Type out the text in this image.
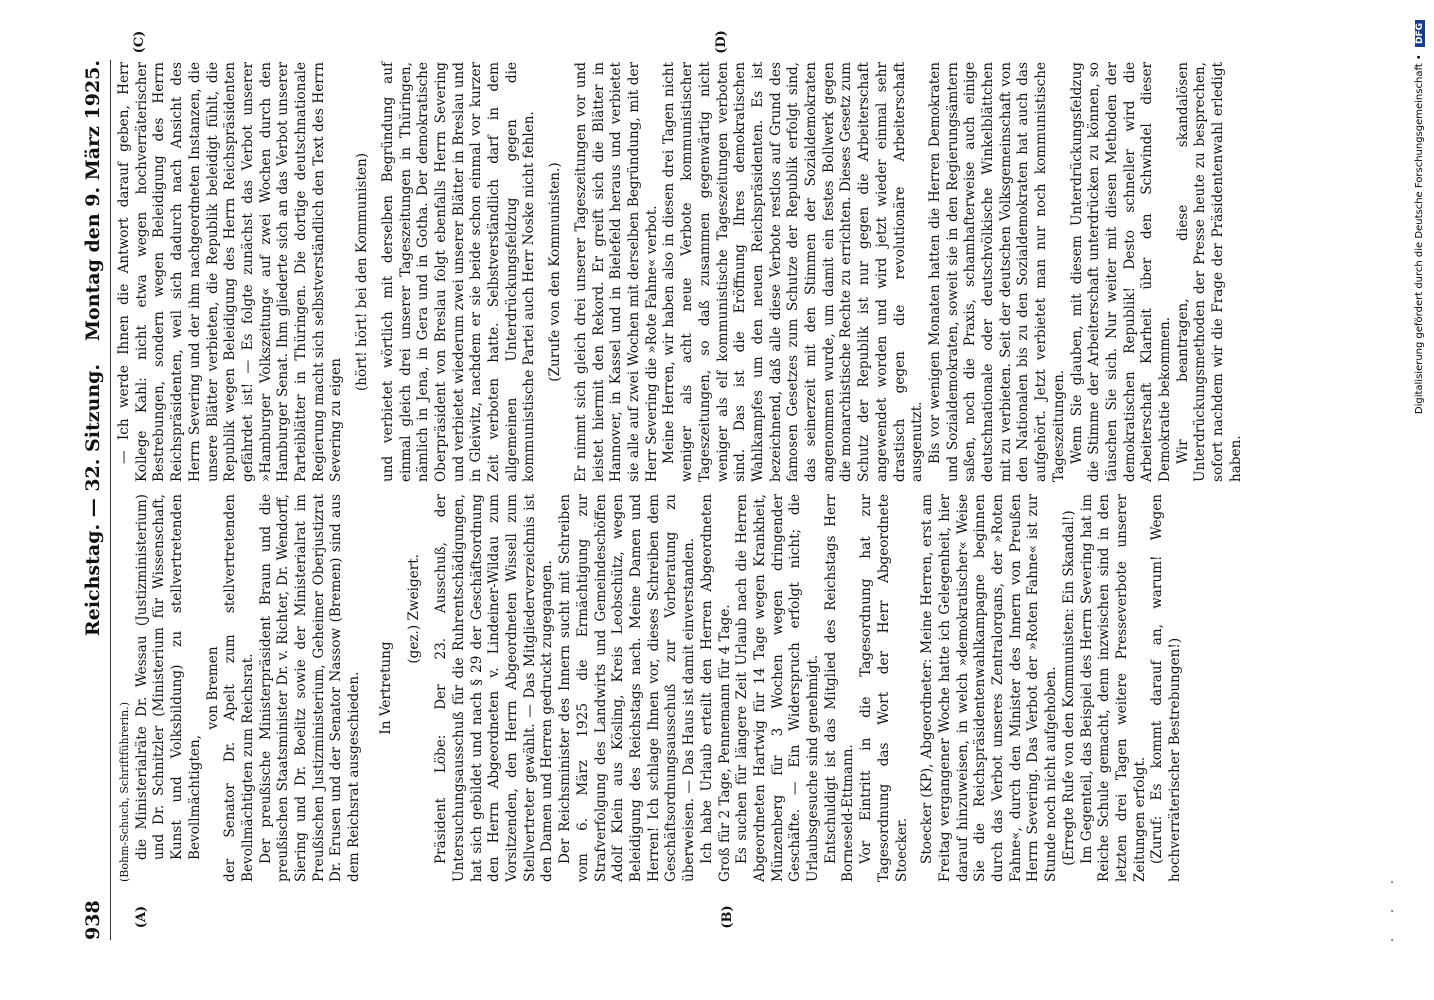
938
Reichstag. — 32. Sitzung.
Montag den 9. März 1925.
(A)	(B)
(C)	(D)

(Bohm-Schuch, Schriftführerin.) die Ministerialräte Dr. Wessau (Justizministerium) und Dr. Schnitzler (Ministerium für Wissenschaft, Kunst und Volksbildung) zu stellvertretenden Bevollmächtigten,

von Bremen der Senator Dr. Apelt zum stellvertretenden Bevollmächtigten zum Reichsrat. Der preußische Ministerpräsident Braun und die preußischen Staatsminister Dr. v. Richter, Dr. Wendorff, Siering und Dr. Boelitz sowie der Ministerialrat im Preußischen Justizministerium, Geheimer Oberjustizrat Dr. Erusen und der Senator Nassow (Bremen) sind aus dem Reichsrat ausgeschieden. In Vertretung

(gez.) Zweigert. Präsident Löbe: Der 23. Ausschuß, der Untersuchungsausschuß für die Ruhrentschädigungen, hat sich gebildet und nach § 29 der Geschäftsordnung den Herrn Abgeordneten v. Lindeiner-Wildau zum Vorsitzenden, den Herrn Abgeordneten Wissell zum Stellvertreter gewählt. — Das Mitgliederverzeichnis ist den Damen und Herren gedruckt zugegangen. Der Reichsminister des Innern sucht mit Schreiben vom 6. März 1925 die Ermächtigung zur Strafverfolgung des Landwirts und Gemeindeschöffen Adolf Klein aus Kösling, Kreis Leobschütz, wegen Beleidigung des Reichstags nach. Meine Damen und Herren! Ich schlage Ihnen vor, dieses Schreiben dem Geschäftsordnungsausschuß zur Vorberatung zu überweisen. — Das Haus ist damit einverstanden. Ich habe Urlaub erteilt den Herren Abgeordneten Groß für 2 Tage, Pennemann für 4 Tage. Es suchen für längere Zeit Urlaub nach die Herren Abgeordneten Hartwig für 14 Tage wegen Krankheit, Münzenberg für 3 Wochen wegen dringender Geschäfte. — Ein Widerspruch erfolgt nicht; die Urlaubsgesuche sind genehmigt. Entschuldigt ist das Mitglied des Reichstags Herr Borneseld-Ettmann. Vor Eintritt in die Tagesordnung hat zur Tagesordnung das Wort der Herr Abgeordnete Stoecker. Stoecker (KP), Abgeordneter: Meine Herren, erst am Freitag vergangener Woche hatte ich Gelegenheit, hier darauf hinzuweisen, in welch »demokratischer« Weise Sie die Reichspräsidentenwahlkampagne beginnen durch das Verbot unseres Zentralorgans, der »Roten Fahne«, durch den Minister des Innern von Preußen Herrn Severing. Das Verbot der »Roten Fahne« ist zur Stunde noch nicht aufgehoben. (Erregte Rufe von den Kommunisten: Ein Skandal!) Im Gegenteil, das Beispiel des Herrn Severing hat im Reiche Schule gemacht, denn inzwischen sind in den letzten drei Tagen weitere Presseverbote unserer Zeitungen erfolgt. (Zuruf: Es kommt darauf an, warum! Wegen hochverräterischer Bestrebungen!)

— Ich werde Ihnen die Antwort darauf geben, Herr Kollege Kahl: nicht etwa wegen hochverräterischer Bestrebungen, sondern wegen Beleidigung des Herrn Reichspräsidenten, weil sich dadurch nach Ansicht des Herrn Severing und der ihm nachgeordneten Instanzen, die unsere Blätter verbieten, die Republik beleidigt fühlt, die Republik wegen Beleidigung des Herrn Reichspräsidenten gefährdet ist! — Es folgte zunächst das Verbot unserer »Hamburger Volkszeitung« auf zwei Wochen durch den Hamburger Senat. Ihm gliederte sich an das Verbot unserer Parteiblätter in Thüringen. Die dortige deutschnationale Regierung macht sich selbstverständlich den Text des Herrn Severing zu eigen

(hört! hört! bei den Kommunisten) und verbietet wörtlich mit derselben Begründung auf einmal gleich drei unserer Tageszeitungen in Thüringen, nämlich in Jena, in Gera und in Gotha. Der demokratische Oberpräsident von Breslau folgt ebenfalls Herrn Severing und verbietet wiederum zwei unserer Blätter in Breslau und in Gleiwitz, nachdem er sie beide schon einmal vor kurzer Zeit verboten hatte. Selbstverständlich darf in dem allgemeinen Unterdrückungsfeldzug gegen die kommunistische Partei auch Herr Noske nicht fehlen. (Zurufe von den Kommunisten.) Er nimmt sich gleich drei unserer Tageszeitungen vor und leistet hiermit den Rekord. Er greift sich die Blätter in Hannover, in Kassel und in Bielefeld heraus und verbietet sie alle auf zwei Wochen mit derselben Begründung, mit der Herr Severing die »Rote Fahne« verbot. Meine Herren, wir haben also in diesen drei Tagen nicht weniger als acht neue Verbote kommunistischer Tageszeitungen, so daß zusammen gegenwärtig nicht weniger als elf kommunistische Tageszeitungen verboten sind. Das ist die Eröffnung Ihres demokratischen Wahlkampfes um den neuen Reichspräsidenten. Es ist bezeichnend, daß alle diese Verbote restlos auf Grund des famosen Gesetzes zum Schutze der Republik erfolgt sind, das seinerzeit mit den Stimmen der Sozialdemokraten angenommen wurde, um damit ein festes Bollwerk gegen die monarchistische Rechte zu errichten. Dieses Gesetz zum Schutz der Republik ist nur gegen die Arbeiterschaft angewendet worden und wird jetzt wieder einmal sehr drastisch gegen die revolutionäre Arbeiterschaft ausgenutzt. Bis vor wenigen Monaten hatten die Herren Demokraten und Sozialdemokraten, soweit sie in den Regierungsämtern saßen, noch die Praxis, schamhafterweise auch einige deutschnationale oder deutschvölkische Winkelblättchen mit zu verbieten. Seit der deutschen Volksgemeinschaft von den Nationalen bis zu den Sozialdemokraten hat auch das aufgehört. Jetzt verbietet man nur noch kommunistische Tageszeitungen. Wenn Sie glauben, mit diesem Unterdrückungsfeldzug die Stimme der Arbeiterschaft unterdrücken zu können, so täuschen Sie sich. Nur weiter mit diesen Methoden der demokratischen Republik! Desto schneller wird die Arbeiterschaft Klarheit über den Schwindel dieser Demokratie bekommen. Wir beantragen, diese skandalösen Unterdrückungsmethoden der Presse heute zu besprechen, sofort nachdem wir die Frage der Präsidentenwahl erledigt haben.

· · ·
Digitalisierung gefördert durch die Deutsche Forschungsgemeinschaft • DFG
